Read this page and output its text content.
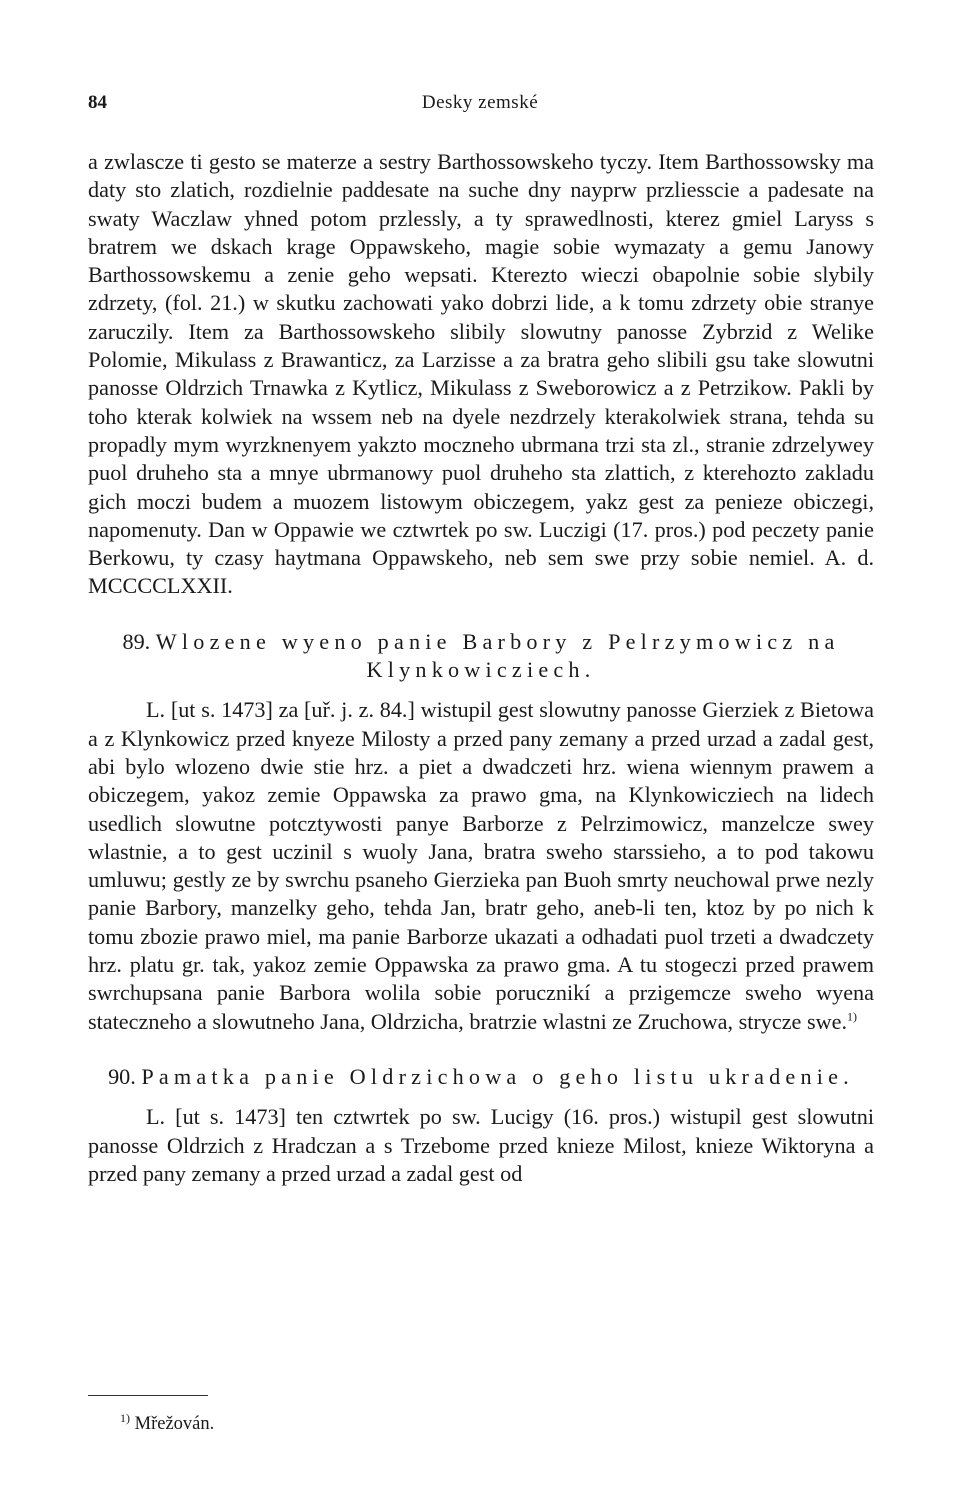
84	Desky zemské

a zwlascze ti gesto se materze a sestry Barthossowskeho tyczy. Item Barthossowsky ma daty sto zlatich, rozdielnie paddesate na suche dny nayprw przliesscie a padesate na swaty Waczlaw yhned potom przlessly, a ty sprawedlnosti, kterez gmiel Laryss s bratrem we dskach krage Oppawskeho, magie sobie wymazaty a gemu Janowy Barthossowskemu a zenie geho wepsati. Kterezto wieczi obapolnie sobie slybily zdrzety, (fol. 21.) w skutku zachowati yako dobrzi lide, a k tomu zdrzety obie stranye zaruczily. Item za Barthossowskeho slibily slowutny panosse Zybrzid z Welike Polomie, Mikulass z Brawanticz, za Larzisse a za bratra geho slibili gsu take slowutni panosse Oldrzich Trnawka z Kytlicz, Mikulass z Sweborowicz a z Petrzikow. Pakli by toho kterak kolwiek na wssem neb na dyele nezdrzely kterakolwiek strana, tehda su propadly mym wyrzknenyem yakzto moczneho ubrmana trzi sta zl., stranie zdrzelywey puol druheho sta a mnye ubrmanowy puol druheho sta zlattich, z kterehozto zakladu gich moczi budem a muozem listowym obiczegem, yakz gest za penieze obiczegi, napomenuty. Dan w Oppawie we cztwrtek po sw. Luczigi (17. pros.) pod peczety panie Berkowu, ty czasy haytmana Oppawskeho, neb sem swe przy sobie nemiel. A. d. MCCCCLXXII.

89. Wlozene wyeno panie Barbory z Pelrzymowicz na Klynkowicziech.

L. [ut s. 1473] za [uř. j. z. 84.] wistupil gest slowutny panosse Gierziek z Bietowa a z Klynkowicz przed knyeze Milosty a przed pany zemany a przed urzad a zadal gest, abi bylo wlozeno dwie stie hrz. a piet a dwadczeti hrz. wiena wiennym prawem a obiczegem, yakoz zemie Oppawska za prawo gma, na Klynkowicziech na lidech usedlich slowutne potcztywosti panye Barborze z Pelrzimowicz, manzelcze swey wlastnie, a to gest uczinil s wuoly Jana, bratra sweho starssieho, a to pod takowu umluwu; gestly ze by swrchu psaneho Gierzieka pan Buoh smrty neuchowal prwe nezly panie Barbory, manzelky geho, tehda Jan, bratr geho, aneb-li ten, ktoz by po nich k tomu zbozie prawo miel, ma panie Barborze ukazati a odhadati puol trzeti a dwadczety hrz. platu gr. tak, yakoz zemie Oppawska za prawo gma. A tu stogeczi przed prawem swrchupsana panie Barbora wolila sobie porucznikí a przigemcze sweho wyena stateczneho a slowutneho Jana, Oldrzicha, bratrzie wlastni ze Zruchowa, strycze swe.$^{1)}$

90. Pamatka panie Oldrzichowa o geho listu ukradenie.

L. [ut s. 1473] ten cztwrtek po sw. Lucigy (16. pros.) wistupil gest slowutni panosse Oldrzich z Hradczan a s Trzebome przed knieze Milost, knieze Wiktoryna a przed pany zemany a przed urzad a zadal gest od

$^{1)}$ Mřežován.
